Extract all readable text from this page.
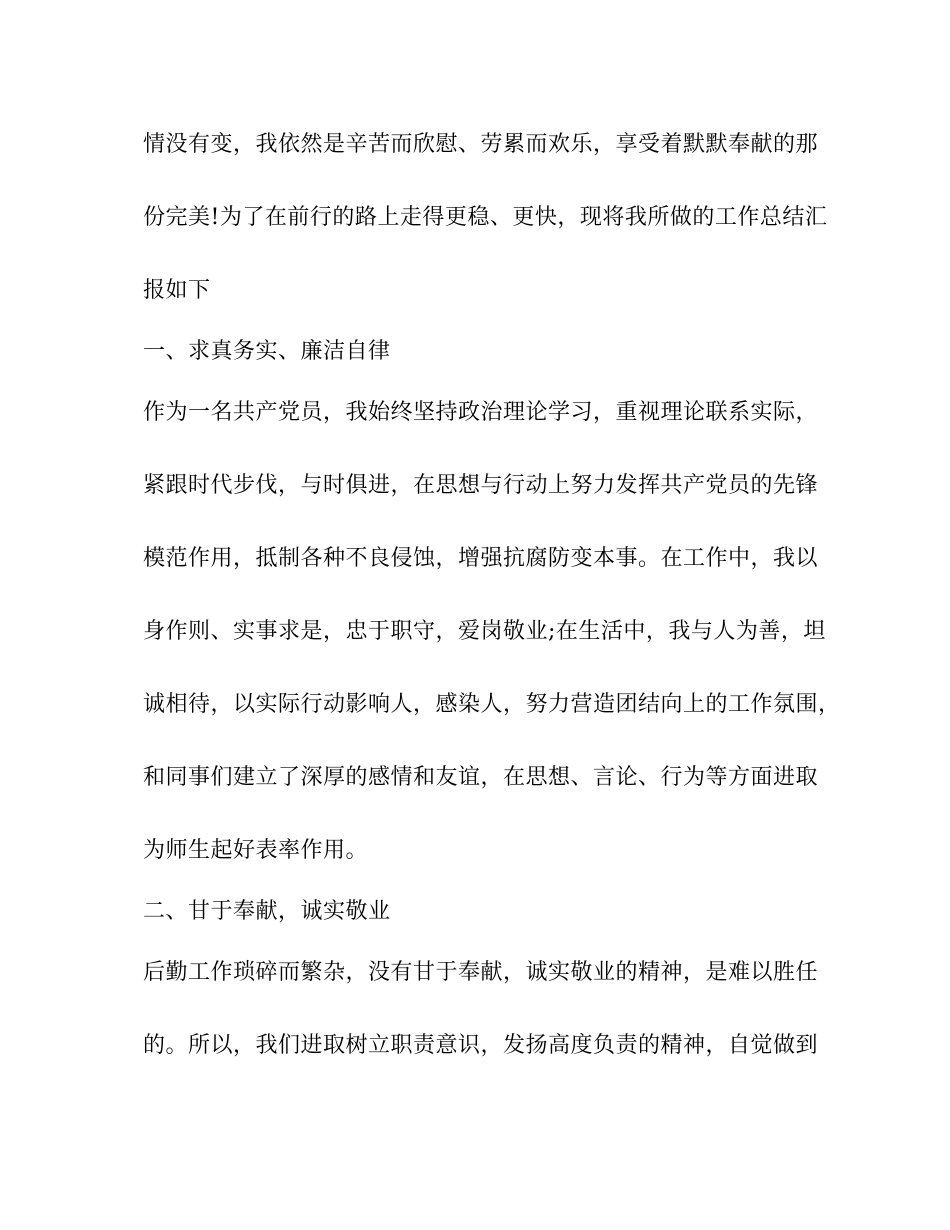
情没有变，我依然是辛苦而欣慰、劳累而欢乐，享受着默默奉献的那
份完美!为了在前行的路上走得更稳、更快，现将我所做的工作总结汇
报如下
一、求真务实、廉洁自律
作为一名共产党员，我始终坚持政治理论学习，重视理论联系实际，
紧跟时代步伐，与时俱进，在思想与行动上努力发挥共产党员的先锋
模范作用，抵制各种不良侵蚀，增强抗腐防变本事。在工作中，我以
身作则、实事求是，忠于职守，爱岗敬业;在生活中，我与人为善，坦
诚相待，以实际行动影响人，感染人，努力营造团结向上的工作氛围，
和同事们建立了深厚的感情和友谊，在思想、言论、行为等方面进取
为师生起好表率作用。
二、甘于奉献，诚实敬业
后勤工作琐碎而繁杂，没有甘于奉献，诚实敬业的精神，是难以胜任
的。所以，我们进取树立职责意识，发扬高度负责的精神，自觉做到
